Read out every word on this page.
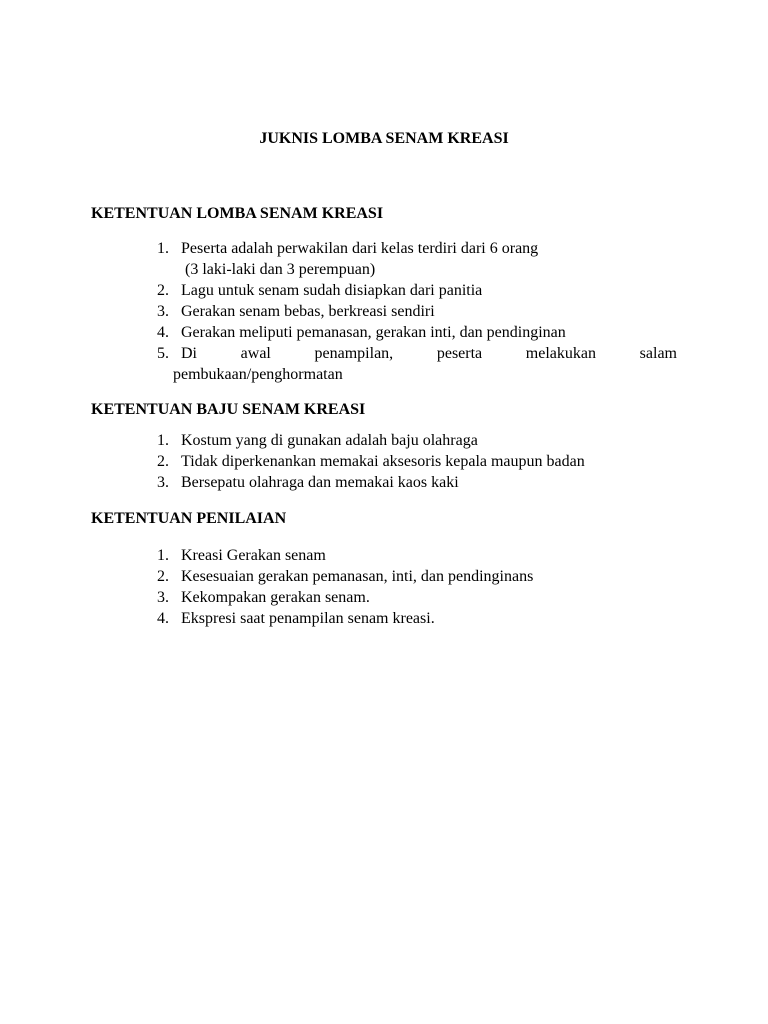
JUKNIS LOMBA SENAM KREASI
KETENTUAN LOMBA SENAM KREASI
1. Peserta adalah perwakilan dari kelas terdiri dari 6 orang
(3 laki-laki dan 3 perempuan)
2. Lagu untuk senam sudah disiapkan dari panitia
3. Gerakan senam bebas, berkreasi sendiri
4. Gerakan meliputi pemanasan, gerakan inti, dan pendinginan
5. Di awal penampilan, peserta melakukan salam
pembukaan/penghormatan
KETENTUAN BAJU SENAM KREASI
1. Kostum yang di gunakan adalah baju olahraga
2. Tidak diperkenankan memakai aksesoris kepala maupun badan
3. Bersepatu olahraga dan memakai kaos kaki
KETENTUAN PENILAIAN
1. Kreasi Gerakan senam
2. Kesesuaian gerakan pemanasan, inti, dan pendinginans
3. Kekompakan gerakan senam.
4. Ekspresi saat penampilan senam kreasi.
